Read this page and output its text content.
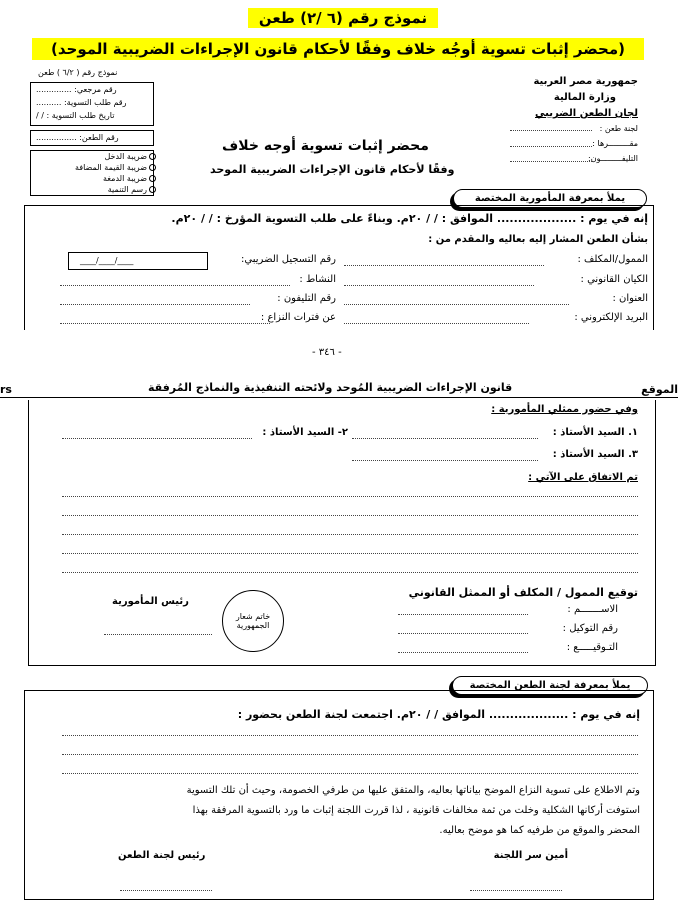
نموذج رقم (٦ /٢) طعن
(محضر إثبات تسوية أوجُه خلاف وفقًا لأحكام قانون الإجراءات الضريبية الموحد)
نموذج رقم ( ٦/٢ ) طعن
رقم مرجعي: ..............
رقم طلب التسوية: ..........
تاريخ طلب التسوية : / /
رقم الطعن: ................
ضريبة الدخل
ضريبة القيمة المضافة
ضريبة الدمغة
رسم التنمية
جمهورية مصر العربية
وزارة المالية
لجان الطعن الضريبي
لجنة طعن :
مقـــــــــرها :
التليفـــــــــون:
محضر إثبات تسوية أوجه خلاف
وفقًا لأحكام قانون الإجراءات الضريبية الموحد
يملأ بمعرفة المأمورية المختصة
إنه في يوم : ................... الموافق : / / ٢٠م. وبناءً على طلب التسوية المؤرخ : / / ٢٠م.
بشأن الطعن المشار إليه بعاليه والمقدم من :
الممول/المكلف :
رقم التسجيل الضريبي:
____/____/____
الكيان القانوني :
النشاط :
العنوان :
رقم التليفون :
البريد الإلكتروني :
عن فترات النزاع :
- ٣٤٦ -
rs	قانون الإجراءات الضريبية المُوحد ولائحته التنفيذية والنماذج المُرفقة	الموقع
وفي حضور ممثلي المأمورية :
١. السيد الأستاذ :
٢- السيد الأستاذ :
٣. السيد الأستاذ :
تم الاتفاق على الآتي :
توقيع الممول / المكلف أو الممثل القانوني
الاســـــــم :
رقم التوكيل :
التـوقيـــــع :
خاتم شعار الجمهورية
رئيس المأمورية
يملأ بمعرفة لجنة الطعن المختصة
إنه في يوم : ................... الموافق / / ٢٠م. اجتمعت لجنة الطعن بحضور :
وتم الاطلاع على تسوية النزاع الموضح بياناتها بعاليه، والمتفق عليها من طرفي الخصومة، وحيث أن تلك التسوية
استوفت أركانها الشكلية وخلت من ثمة مخالفات قانونية ، لذا قررت اللجنة إثبات ما ورد بالتسوية المرفقة بهذا
المحضر والموقع من طرفيه كما هو موضح بعاليه.
أمين سر اللجنة
رئيس لجنة الطعن
